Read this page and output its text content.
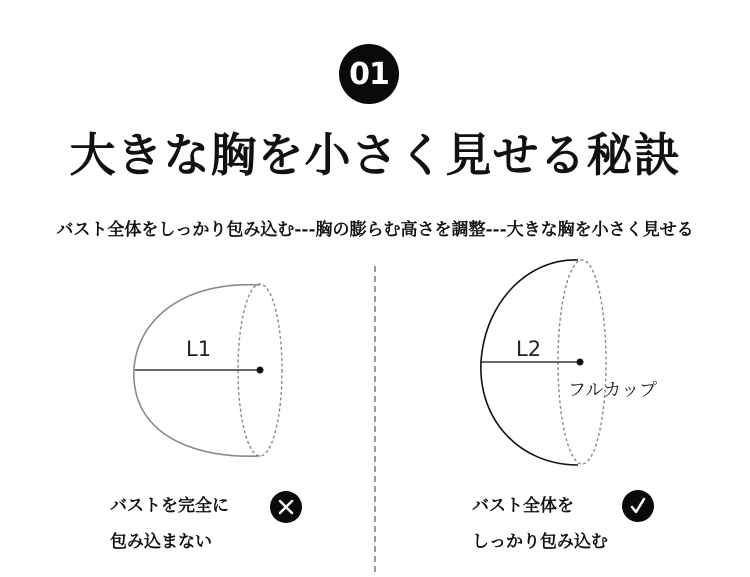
01
大きな胸を小さく見せる秘訣
バスト全体をしっかり包み込む---胸の膨らむ高さを調整---大きな胸を小さく見せる
L1	L2
フルカップ
バストを完全に
包み込まない
バスト全体を
しっかり包み込む
